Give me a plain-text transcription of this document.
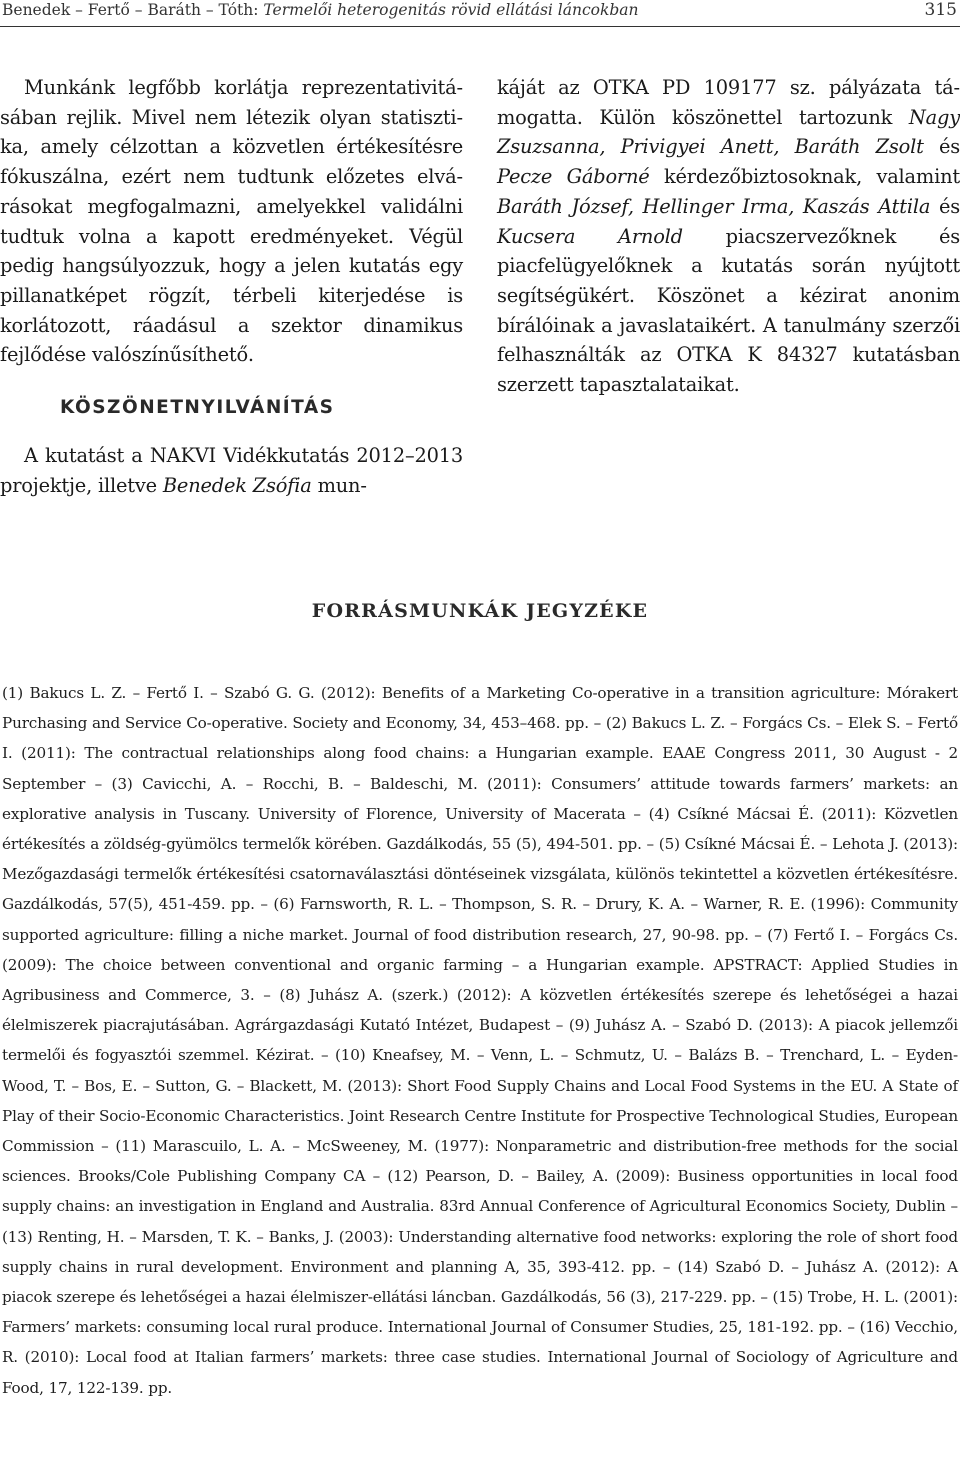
Benedek – Fertő – Baráth – Tóth: Termelői heterogenitás rövid ellátási láncokban	315

Munkánk legfőbb korlátja reprezentativitásában rejlik. Mivel nem létezik olyan statisztika, amely célzottan a közvetlen értékesítésre fókuszálna, ezért nem tudtunk előzetes elvárásokat megfogalmazni, amelyekkel validálni tudtuk volna a kapott eredményeket. Végül pedig hangsúlyozzuk, hogy a jelen kutatás egy pillanatképet rögzít, térbeli kiterjedése is korlátozott, ráadásul a szektor dinamikus fejlődése valószínűsíthető.

KÖSZÖNETNYILVÁNÍTÁS

A kutatást a NAKVI Vidékkutatás 2012–2013 projektje, illetve Benedek Zsófia mun-

káját az OTKA PD 109177 sz. pályázata támogatta. Külön köszönettel tartozunk Nagy Zsuzsanna, Privigyei Anett, Baráth Zsolt és Pecze Gáborné kérdezőbiztosoknak, valamint Baráth József, Hellinger Irma, Kaszás Attila és Kucsera Arnold piacszervezőknek és piacfelügyelőknek a kutatás során nyújtott segítségükért. Köszönet a kézirat anonim bírálóinak a javaslataikért. A tanulmány szerzői felhasználták az OTKA K 84327 kutatásban szerzett tapasztalataikat.

FORRÁSMUNKÁK JEGYZÉKE
(1) Bakucs L. Z. – Fertő I. – Szabó G. G. (2012): Benefits of a Marketing Co-operative in a transition agriculture: Mórakert Purchasing and Service Co-operative. Society and Economy, 34, 453–468. pp. – (2) Bakucs L. Z. – Forgács Cs. – Elek S. – Fertő I. (2011): The contractual relationships along food chains: a Hungarian example. EAAE Congress 2011, 30 August - 2 September – (3) Cavicchi, A. – Rocchi, B. – Baldeschi, M. (2011): Consumers’ attitude towards farmers’ markets: an explorative analysis in Tuscany. University of Florence, University of Macerata – (4) Csíkné Mácsai É. (2011): Közvetlen értékesítés a zöldség-gyümölcs termelők körében. Gazdálkodás, 55 (5), 494-501. pp. – (5) Csíkné Mácsai É. – Lehota J. (2013): Mezőgazdasági termelők értékesítési csatornaválasztási döntéseinek vizsgálata, különös tekintettel a közvetlen értékesítésre. Gazdálkodás, 57(5), 451-459. pp. – (6) Farnsworth, R. L. – Thompson, S. R. – Drury, K. A. – Warner, R. E. (1996): Community supported agriculture: filling a niche market. Journal of food distribution research, 27, 90-98. pp. – (7) Fertő I. – Forgács Cs. (2009): The choice between conventional and organic farming – a Hungarian example. APSTRACT: Applied Studies in Agribusiness and Commerce, 3. – (8) Juhász A. (szerk.) (2012): A közvetlen értékesítés szerepe és lehetőségei a hazai élelmiszerek piacrajutásában. Agrárgazdasági Kutató Intézet, Budapest – (9) Juhász A. – Szabó D. (2013): A piacok jellemzői termelői és fogyasztói szemmel. Kézirat. – (10) Kneafsey, M. – Venn, L. – Schmutz, U. – Balázs B. – Trenchard, L. – Eyden-Wood, T. – Bos, E. – Sutton, G. – Blackett, M. (2013): Short Food Supply Chains and Local Food Systems in the EU. A State of Play of their Socio-Economic Characteristics. Joint Research Centre Institute for Prospective Technological Studies, European Commission – (11) Marascuilo, L. A. – McSweeney, M. (1977): Nonparametric and distribution-free methods for the social sciences. Brooks/Cole Publishing Company CA – (12) Pearson, D. – Bailey, A. (2009): Business opportunities in local food supply chains: an investigation in England and Australia. 83rd Annual Conference of Agricultural Economics Society, Dublin – (13) Renting, H. – Marsden, T. K. – Banks, J. (2003): Understanding alternative food networks: exploring the role of short food supply chains in rural development. Environment and planning A, 35, 393-412. pp. – (14) Szabó D. – Juhász A. (2012): A piacok szerepe és lehetőségei a hazai élelmiszer-ellátási láncban. Gazdálkodás, 56 (3), 217-229. pp. – (15) Trobe, H. L. (2001): Farmers’ markets: consuming local rural produce. International Journal of Consumer Studies, 25, 181-192. pp. – (16) Vecchio, R. (2010): Local food at Italian farmers’ markets: three case studies. International Journal of Sociology of Agriculture and Food, 17, 122-139. pp.
